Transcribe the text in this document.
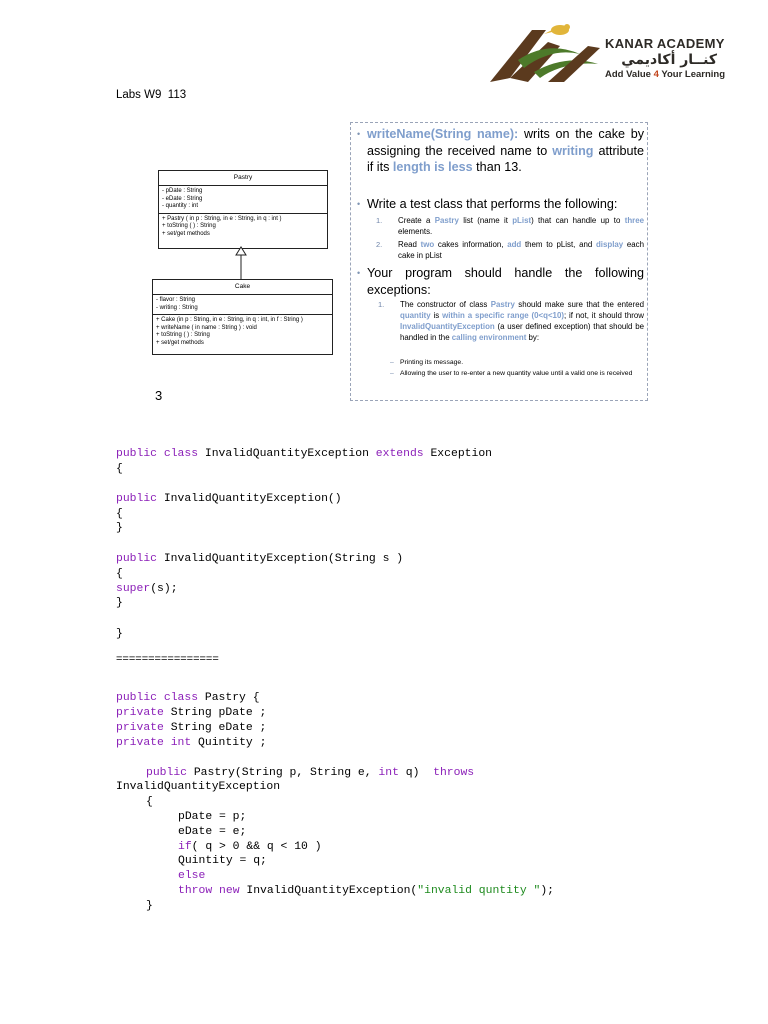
KANAR ACADEMY
كنــار أكاديمي
Add Value 4 Your Learning
Labs W9  113
Pastry
- pDate : String
- eDate : String
- quantity : int
+ Pastry ( in p : String, in e : String, in q : int )
+ toString ( ) : String
+ set/get methods
Cake
- flavor : String
- writing : String
+ Cake (in p : String, in e : String, in q : int, in f : String )
+ writeName ( in name : String ) : void
+ toString ( ) : String
+ set/get methods
3
• writeName(String name): writs on the cake by assigning the received name to writing attribute if its length is less than 13.
• Write a test class that performs the following:
1. Create a Pastry list (name it pList) that can handle up to three elements.
2. Read two cakes information, add them to pList, and display each cake in pList
• Your program should handle the following exceptions:
1. The constructor of class Pastry should make sure that the entered quantity is within a specific range (0<q<10); if not, it should throw InvalidQuantityException (a user defined exception) that should be handled in the calling environment by:
– Printing its message.
– Allowing the user to re-enter a new quantity value until a valid one is received
public class InvalidQuantityException extends Exception
{
public InvalidQuantityException()
{
}
public InvalidQuantityException(String s )
{
super(s);
}
}
================
public class Pastry {
private String pDate ;
private String eDate ;
private int Quintity ;
public Pastry(String p, String e, int q)  throws
InvalidQuantityException
{
pDate = p;
eDate = e;
if( q > 0 && q < 10 )
Quintity = q;
else
throw new InvalidQuantityException("invalid quntity ");
}
